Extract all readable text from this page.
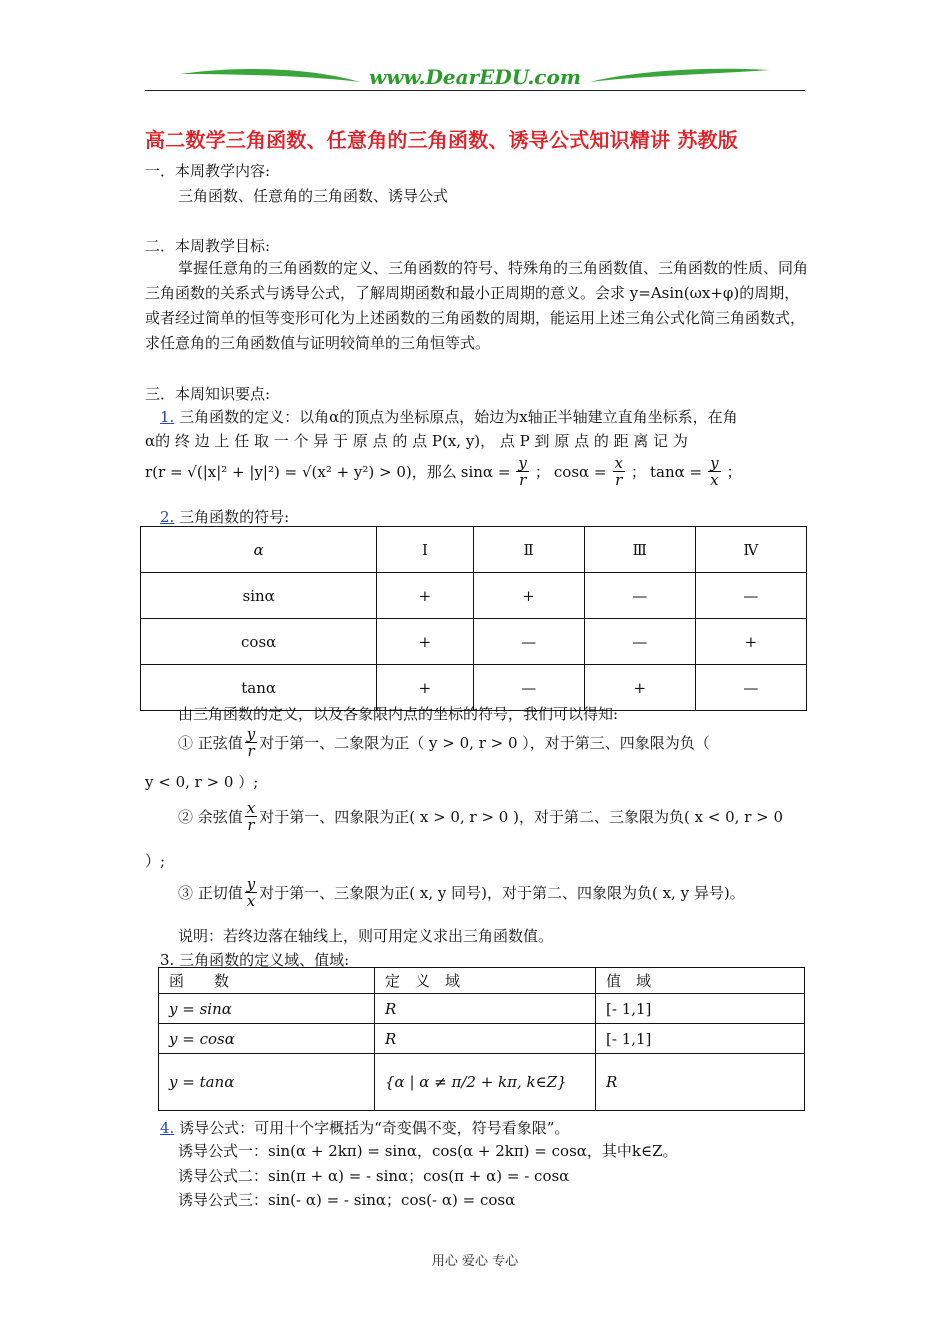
www.DearEDU.com
高二数学三角函数、任意角的三角函数、诱导公式知识精讲 苏教版
一．本周教学内容:
三角函数、任意角的三角函数、诱导公式
二．本周教学目标:
掌握任意角的三角函数的定义、三角函数的符号、特殊角的三角函数值、三角函数的性质、同角三角函数的关系式与诱导公式，了解周期函数和最小正周期的意义。会求 y=Asin(ωx+φ)的周期，或者经过简单的恒等变形可化为上述函数的三角函数的周期，能运用上述三角公式化简三角函数式，求任意角的三角函数值与证明较简单的三角恒等式。
三．本周知识要点:
1. 三角函数的定义：以角α的顶点为坐标原点，始边为x轴正半轴建立直角坐标系，在角
α的 终 边 上 任 取 一 个 异 于 原 点 的 点 P(x, y)， 点 P 到 原 点 的 距 离 记 为
r(r = √(|x|² + |y|²) = √(x² + y²) > 0)，那么 $\sin\alpha = \frac{y}{r}$ ； $\cos\alpha = \frac{x}{r}$ ； $\tan\alpha = \frac{y}{x}$ ；
2. 三角函数的符号:
α	Ⅰ	Ⅱ	Ⅲ	Ⅳ
sinα	+	+	—	—
cosα	+	—	—	+
tanα	+	—	+	—
由三角函数的定义，以及各象限内点的坐标的符号，我们可以得知:
① 正弦值 $\frac{y}{r}$ 对于第一、二象限为正（ y > 0, r > 0 ），对于第三、四象限为负（
y < 0, r > 0 ）;
② 余弦值 $\frac{x}{r}$ 对于第一、四象限为正( x > 0, r > 0 )，对于第二、三象限为负( x < 0, r > 0
）;
③ 正切值 $\frac{y}{x}$ 对于第一、三象限为正( x, y 同号)，对于第二、四象限为负( x, y 异号)。
说明：若终边落在轴线上，则可用定义求出三角函数值。
3. 三角函数的定义域、值域:
函　　数	定　义　域	值　域
y = sinα	R	[- 1,1]
y = cosα	R	[- 1,1]
y = tanα	{α | α ≠ π/2 + kπ, k∈Z}	R
4. 诱导公式：可用十个字概括为“奇变偶不变，符号看象限”。
诱导公式一：sin(α + 2kπ) = sinα，cos(α + 2kπ) = cosα，其中k∈Z。
诱导公式二：sin(π + α) = - sinα；cos(π + α) = - cosα
诱导公式三：sin(- α) = - sinα；cos(- α) = cosα
用心 爱心 专心
